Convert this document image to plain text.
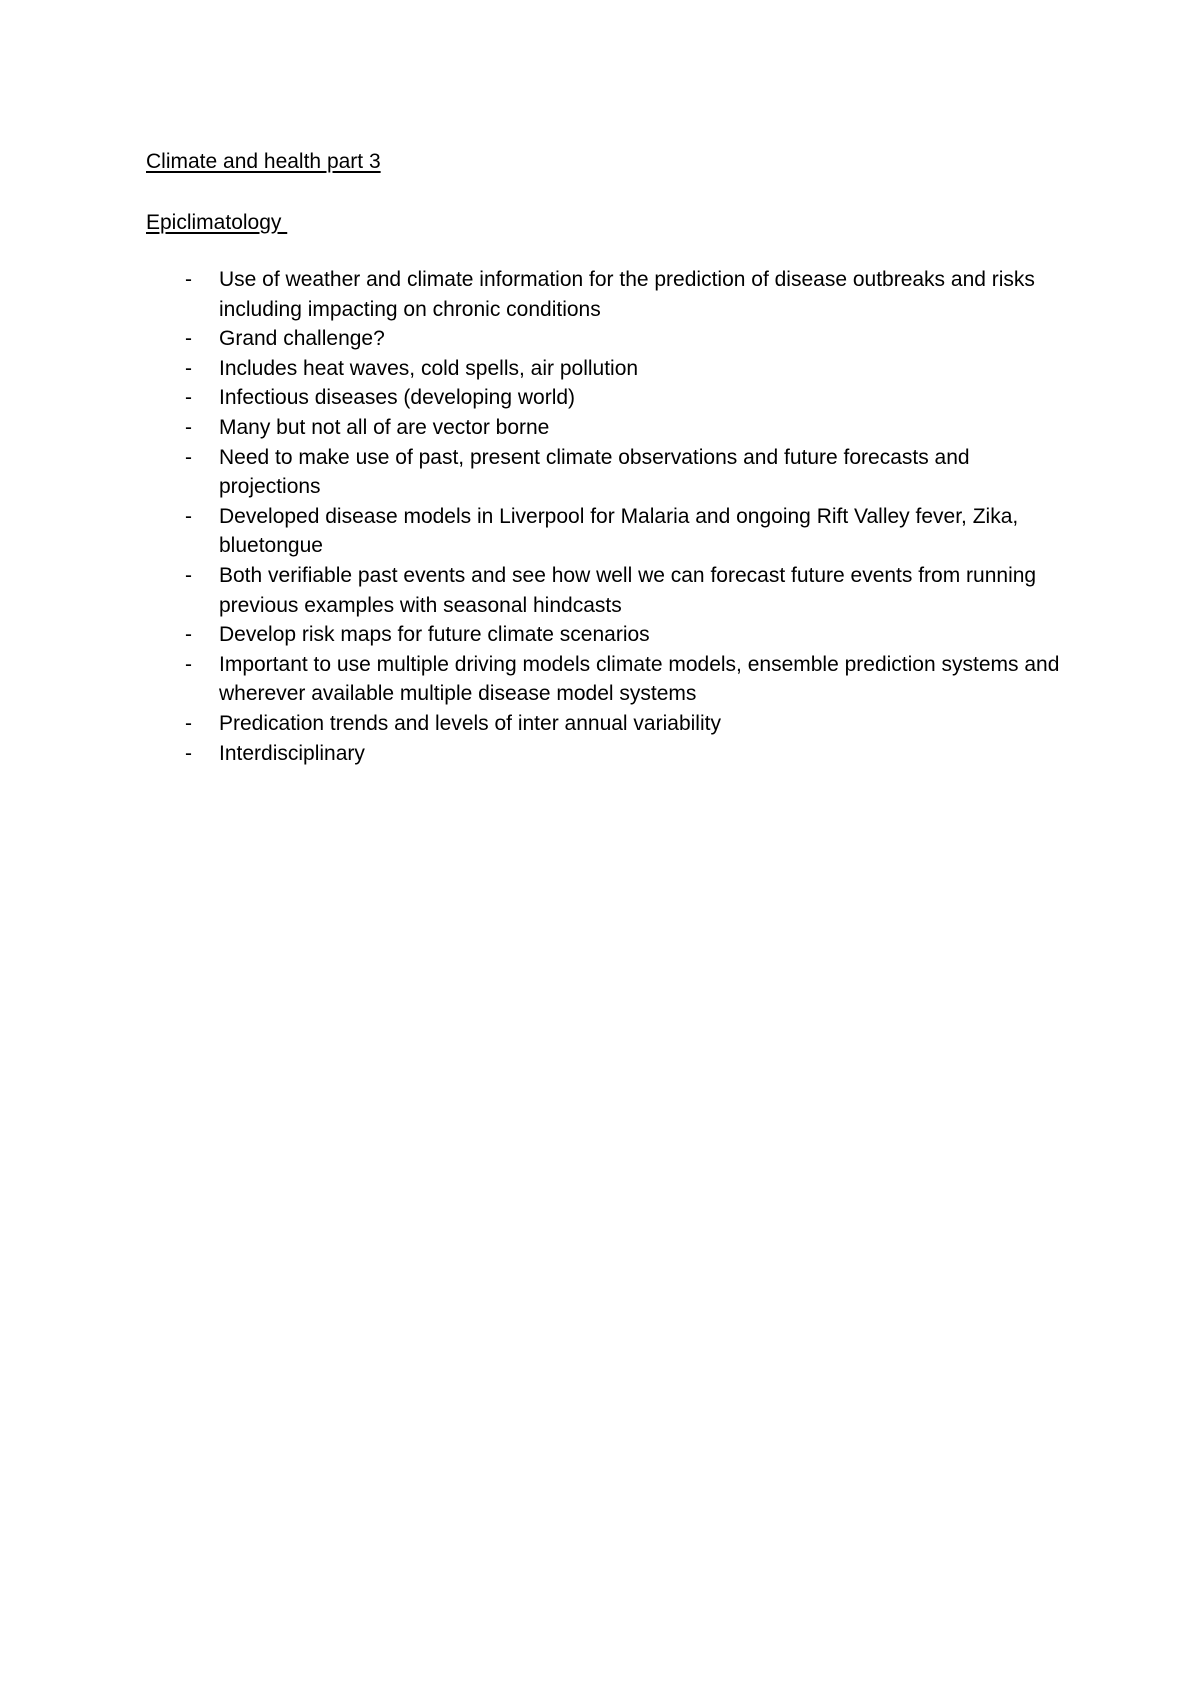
Climate and health part 3
Epiclimatology
- Use of weather and climate information for the prediction of disease outbreaks and risks including impacting on chronic conditions
- Grand challenge?
- Includes heat waves, cold spells, air pollution
- Infectious diseases (developing world)
- Many but not all of are vector borne
- Need to make use of past, present climate observations and future forecasts and projections
- Developed disease models in Liverpool for Malaria and ongoing Rift Valley fever, Zika, bluetongue
- Both verifiable past events and see how well we can forecast future events from running previous examples with seasonal hindcasts
- Develop risk maps for future climate scenarios
- Important to use multiple driving models climate models, ensemble prediction systems and wherever available multiple disease model systems
- Predication trends and levels of inter annual variability
- Interdisciplinary
